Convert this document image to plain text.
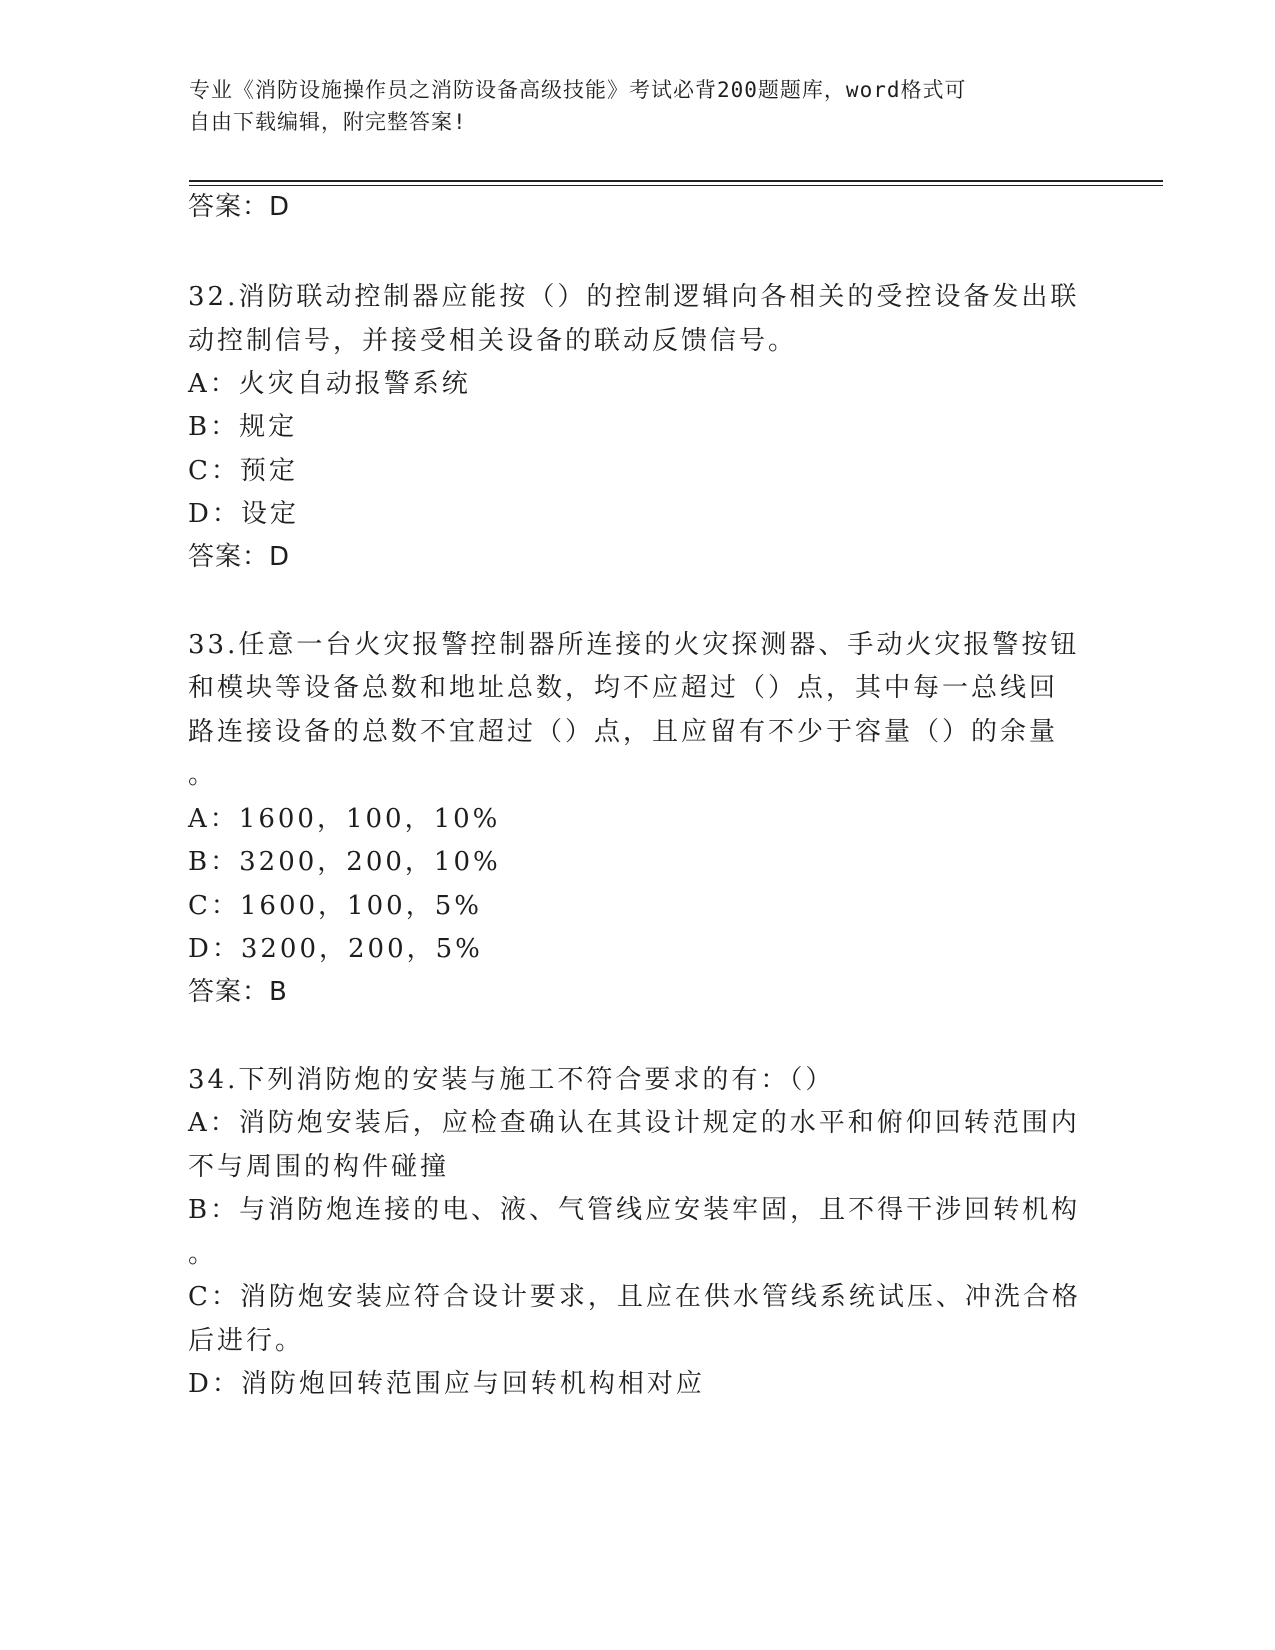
专业《消防设施操作员之消防设备高级技能》考试必背200题题库，word格式可
自由下载编辑，附完整答案!
答案：D
32.消防联动控制器应能按（）的控制逻辑向各相关的受控设备发出联
动控制信号，并接受相关设备的联动反馈信号。
A：火灾自动报警系统
B：规定
C：预定
D：设定
答案：D
33.任意一台火灾报警控制器所连接的火灾探测器、手动火灾报警按钮
和模块等设备总数和地址总数，均不应超过（）点，其中每一总线回
路连接设备的总数不宜超过（）点，且应留有不少于容量（）的余量
。
A：1600，100，10%
B：3200，200，10%
C：1600，100，5%
D：3200，200，5%
答案：B
34.下列消防炮的安装与施工不符合要求的有：（）
A：消防炮安装后，应检查确认在其设计规定的水平和俯仰回转范围内
不与周围的构件碰撞
B：与消防炮连接的电、液、气管线应安装牢固，且不得干涉回转机构
。
C：消防炮安装应符合设计要求，且应在供水管线系统试压、冲洗合格
后进行。
D：消防炮回转范围应与回转机构相对应
